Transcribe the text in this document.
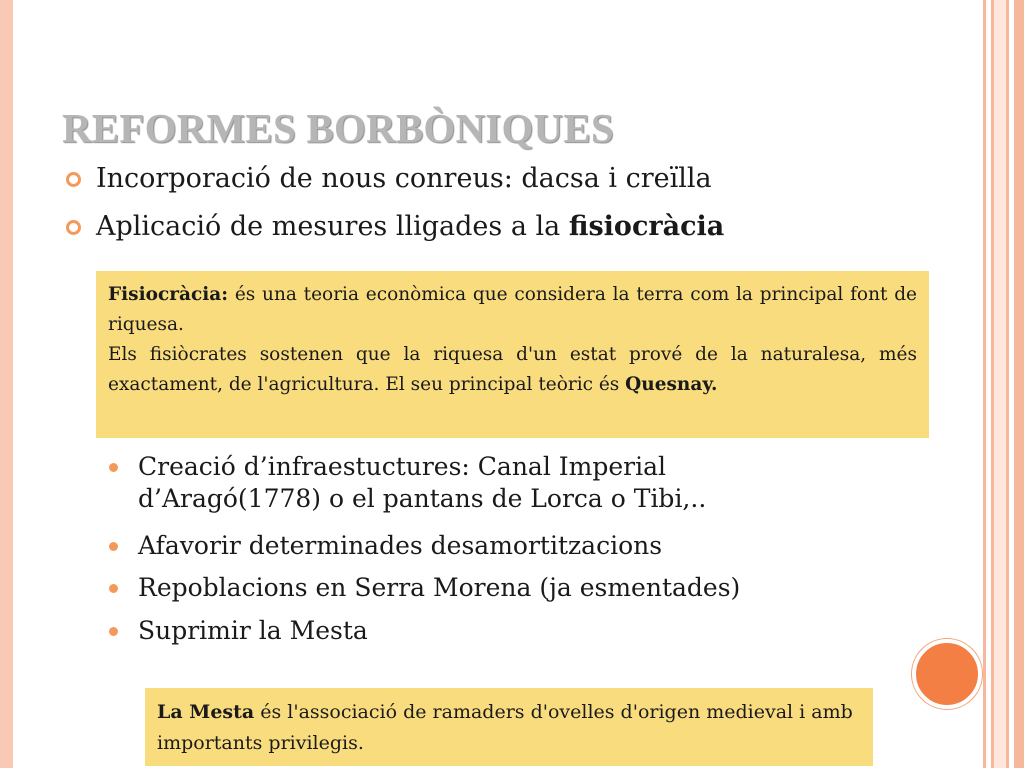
REFORMES BORBÒNIQUES
Incorporació de nous conreus: dacsa i creïlla
Aplicació de mesures lligades a la fisiocràcia
Creació d’infraestuctures: Canal Imperial d’Aragó(1778) o el pantans de Lorca o Tibi,..
Afavorir determinades desamortitzacions
Repoblacions en Serra Morena (ja esmentades)
Suprimir la Mesta
Fisiocràcia: és una teoria econòmica que considera la terra com la principal font de riquesa.
Els fisiòcrates sostenen que la riquesa d'un estat prové de la naturalesa, més exactament, de l'agricultura. El seu principal teòric és Quesnay.
La Mesta és l'associació de ramaders d'ovelles d'origen medieval i amb importants privilegis.
